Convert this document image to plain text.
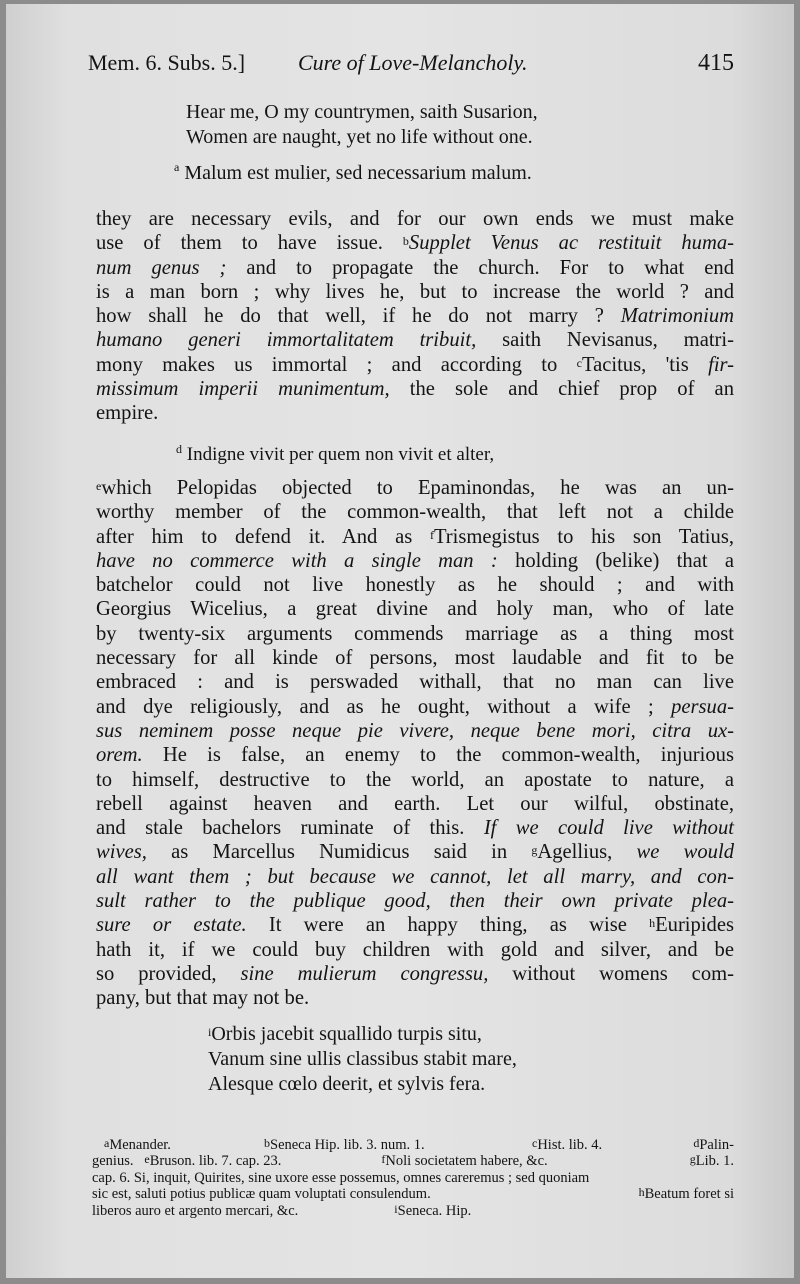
Mem. 6. Subs. 5.] Cure of Love-Melancholy.	415
Hear me, O my countrymen, saith Susarion,
Women are naught, yet no life without one.
$^a$ Malum est mulier, sed necessarium malum.
they are necessary evils, and for our own ends we must make
use of them to have issue. $^b$Supplet Venus ac restituit huma-
num genus ; and to propagate the church. For to what end
is a man born ; why lives he, but to increase the world ? and
how shall he do that well, if he do not marry ? Matrimonium
humano generi immortalitatem tribuit, saith Nevisanus, matri-
mony makes us immortal ; and according to $^c$Tacitus, 'tis fir-
missimum imperii munimentum, the sole and chief prop of an
empire.
$^d$ Indigne vivit per quem non vivit et alter,
$^e$which Pelopidas objected to Epaminondas, he was an un-
worthy member of the common-wealth, that left not a childe
after him to defend it. And as $^f$Trismegistus to his son Tatius,
have no commerce with a single man : holding (belike) that a
batchelor could not live honestly as he should ; and with
Georgius Wicelius, a great divine and holy man, who of late
by twenty-six arguments commends marriage as a thing most
necessary for all kinde of persons, most laudable and fit to be
embraced : and is perswaded withall, that no man can live
and dye religiously, and as he ought, without a wife ; persua-
sus neminem posse neque pie vivere, neque bene mori, citra ux-
orem. He is false, an enemy to the common-wealth, injurious
to himself, destructive to the world, an apostate to nature, a
rebell against heaven and earth. Let our wilful, obstinate,
and stale bachelors ruminate of this. If we could live without
wives, as Marcellus Numidicus said in $^g$Agellius, we would
all want them ; but because we cannot, let all marry, and con-
sult rather to the publique good, then their own private plea-
sure or estate. It were an happy thing, as wise $^h$Euripides
hath it, if we could buy children with gold and silver, and be
so provided, sine mulierum congressu, without womens com-
pany, but that may not be.
$^i$Orbis jacebit squallido turpis situ,
Vanum sine ullis classibus stabit mare,
Alesque cœlo deerit, et sylvis fera.
$^a$Menander.	$^b$Seneca Hip. lib. 3. num. 1.	$^c$Hist. lib. 4.	$^d$Palin-
genius. $^e$Bruson. lib. 7. cap. 23.	$^f$Noli societatem habere, &c.	$^g$Lib. 1.
cap. 6. Si, inquit, Quirites, sine uxore esse possemus, omnes careremus ; sed quoniam
sic est, saluti potius publicæ quam voluptati consulendum.	$^h$Beatum foret si
liberos auro et argento mercari, &c.	$^i$Seneca. Hip.
